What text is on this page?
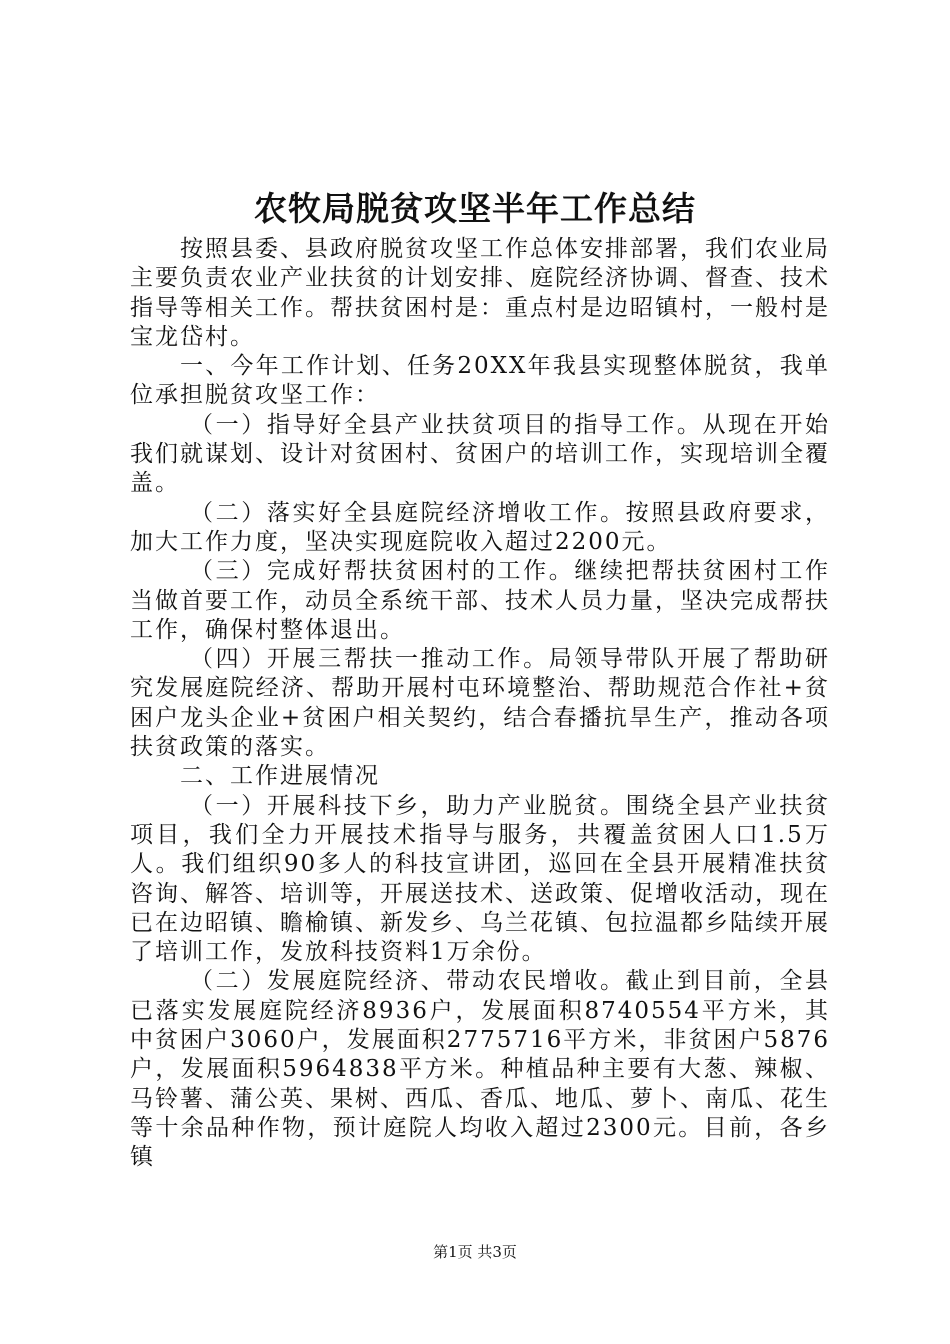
农牧局脱贫攻坚半年工作总结

按照县委、县政府脱贫攻坚工作总体安排部署，我们农业局主要负责农业产业扶贫的计划安排、庭院经济协调、督查、技术指导等相关工作。帮扶贫困村是：重点村是边昭镇村，一般村是宝龙岱村。

一、今年工作计划、任务20XX年我县实现整体脱贫，我单位承担脱贫攻坚工作：

（一）指导好全县产业扶贫项目的指导工作。从现在开始我们就谋划、设计对贫困村、贫困户的培训工作，实现培训全覆盖。

（二）落实好全县庭院经济增收工作。按照县政府要求，加大工作力度，坚决实现庭院收入超过2200元。

（三）完成好帮扶贫困村的工作。继续把帮扶贫困村工作当做首要工作，动员全系统干部、技术人员力量，坚决完成帮扶工作，确保村整体退出。

（四）开展三帮扶一推动工作。局领导带队开展了帮助研究发展庭院经济、帮助开展村屯环境整治、帮助规范合作社+贫困户龙头企业+贫困户相关契约，结合春播抗旱生产，推动各项扶贫政策的落实。

二、工作进展情况

（一）开展科技下乡，助力产业脱贫。围绕全县产业扶贫项目，我们全力开展技术指导与服务，共覆盖贫困人口1.5万人。我们组织90多人的科技宣讲团，巡回在全县开展精准扶贫咨询、解答、培训等，开展送技术、送政策、促增收活动，现在已在边昭镇、瞻榆镇、新发乡、乌兰花镇、包拉温都乡陆续开展了培训工作，发放科技资料1万余份。

（二）发展庭院经济、带动农民增收。截止到目前，全县已落实发展庭院经济8936户，发展面积8740554平方米，其中贫困户3060户，发展面积2775716平方米，非贫困户5876户，发展面积5964838平方米。种植品种主要有大葱、辣椒、马铃薯、蒲公英、果树、西瓜、香瓜、地瓜、萝卜、南瓜、花生等十余品种作物，预计庭院人均收入超过2300元。目前，各乡镇

第1页 共3页
